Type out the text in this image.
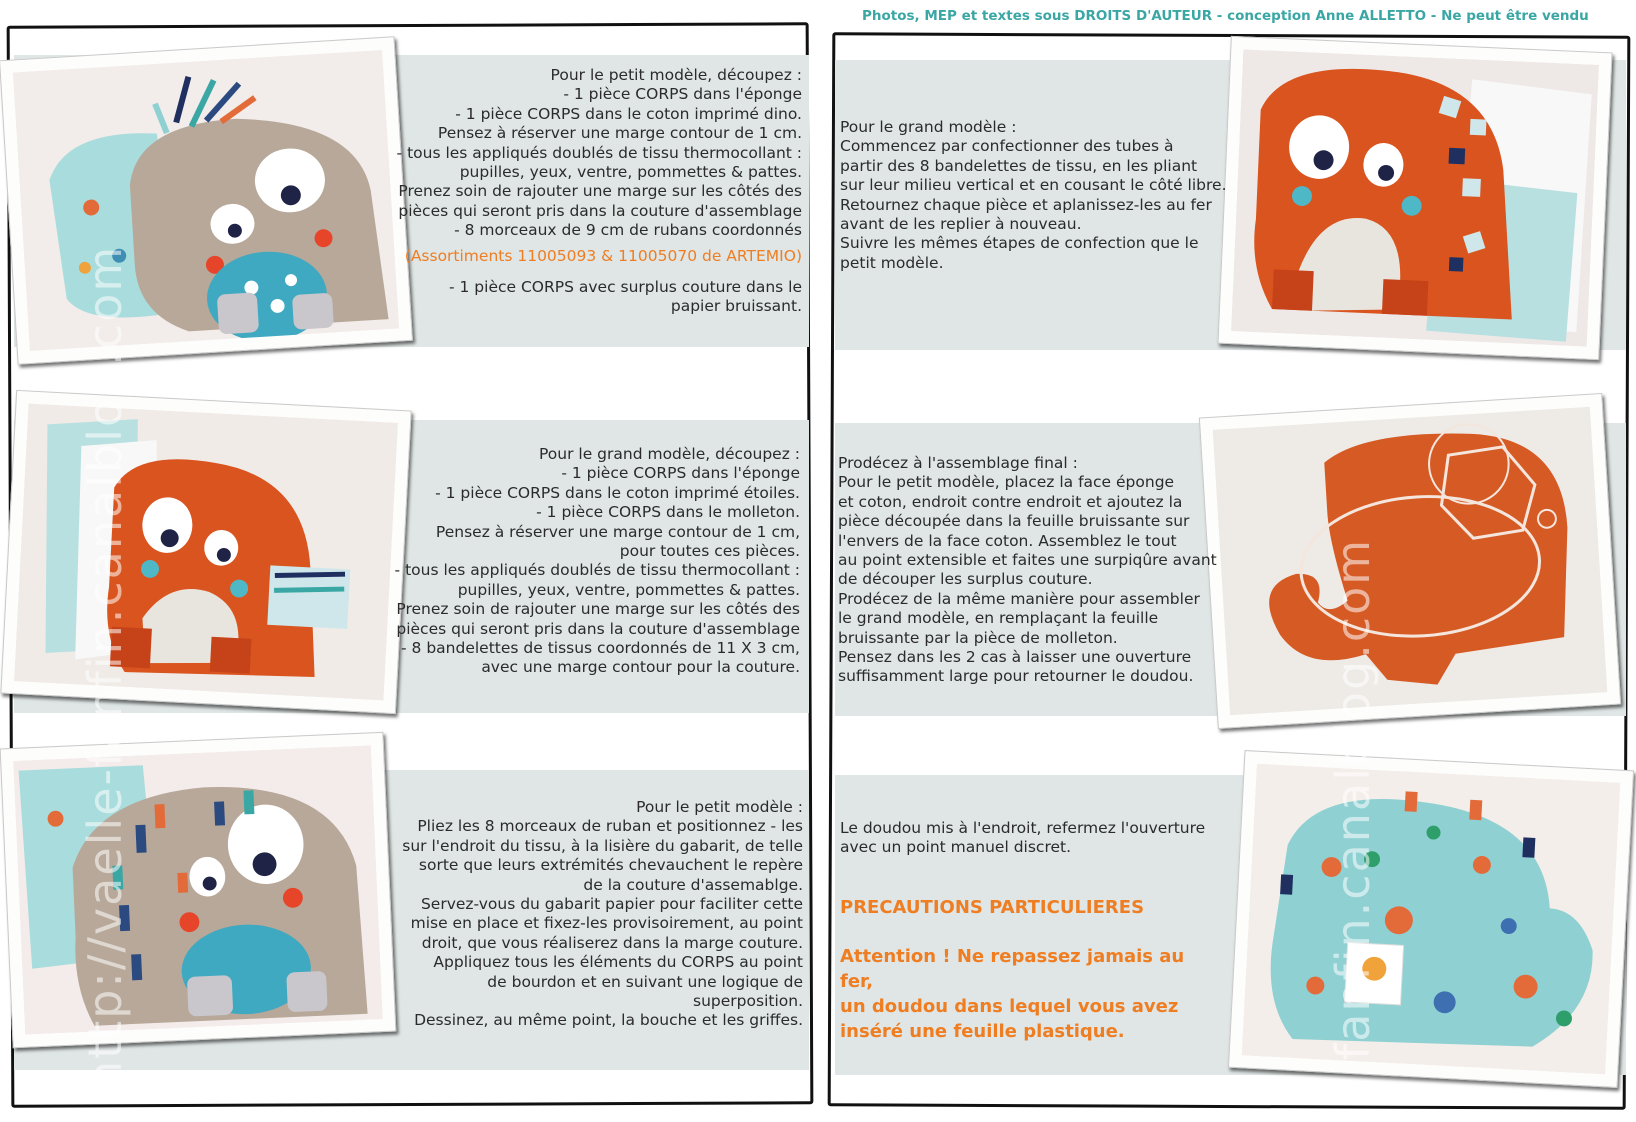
Photos, MEP et textes sous DROITS D'AUTEUR - conception Anne ALLETTO - Ne peut être vendu
http://vaelle-fanfin.canalblog.com	fanfin.canalblog.com
Pour le petit modèle, découpez :
- 1 pièce CORPS dans l'éponge
- 1 pièce CORPS dans le coton imprimé dino.
Pensez à réserver une marge contour de 1 cm.
- tous les appliqués doublés de tissu thermocollant :
pupilles, yeux, ventre, pommettes & pattes.
Prenez soin de rajouter une marge sur les côtés des
pièces qui seront pris dans la couture d'assemblage
- 8 morceaux de 9 cm de rubans coordonnés
(Assortiments 11005093 & 11005070 de ARTEMIO)
- 1 pièce CORPS avec surplus couture dans le
papier bruissant.
Pour le grand modèle, découpez :
- 1 pièce CORPS dans l'éponge
- 1 pièce CORPS dans le coton imprimé étoiles.
- 1 pièce CORPS dans le molleton.
Pensez à réserver une marge contour de 1 cm,
pour toutes ces pièces.
- tous les appliqués doublés de tissu thermocollant :
pupilles, yeux, ventre, pommettes & pattes.
Prenez soin de rajouter une marge sur les côtés des
pièces qui seront pris dans la couture d'assemblage
- 8 bandelettes de tissus coordonnés de 11 X 3 cm,
avec une marge contour pour la couture.
Pour le petit modèle :
Pliez les 8 morceaux de ruban et positionnez - les
sur l'endroit du tissu, à la lisière du gabarit, de telle
sorte que leurs extrémités chevauchent le repère
de la couture d'assemablge.
Servez-vous du gabarit papier pour faciliter cette
mise en place et fixez-les provisoirement, au point
droit, que vous réaliserez dans la marge couture.
Appliquez tous les éléments du CORPS au point
de bourdon et en suivant une logique de
superposition.
Dessinez, au même point, la bouche et les griffes.
Pour le grand modèle :
Commencez par confectionner des tubes à
partir des 8 bandelettes de tissu, en les pliant
sur leur milieu vertical et en cousant le côté libre.
Retournez chaque pièce et aplanissez-les au fer
avant de les replier à nouveau.
Suivre les mêmes étapes de confection que le
petit modèle.
Prodécez à l'assemblage final :
Pour le petit modèle, placez la face éponge
et coton, endroit contre endroit et ajoutez la
pièce découpée dans la feuille bruissante sur
l'envers de la face coton. Assemblez le tout
au point extensible et faites une surpiqûre avant
de découper les surplus couture.
Prodécez de la même manière pour assembler
le grand modèle, en remplaçant la feuille
bruissante par la pièce de molleton.
Pensez dans les 2 cas à laisser une ouverture
suffisamment large pour retourner le doudou.
Le doudou mis à l'endroit, refermez l'ouverture
avec un point manuel discret.
PRECAUTIONS PARTICULIERES
Attention ! Ne repassez jamais au fer,
un doudou dans lequel vous avez
inséré une feuille plastique.
